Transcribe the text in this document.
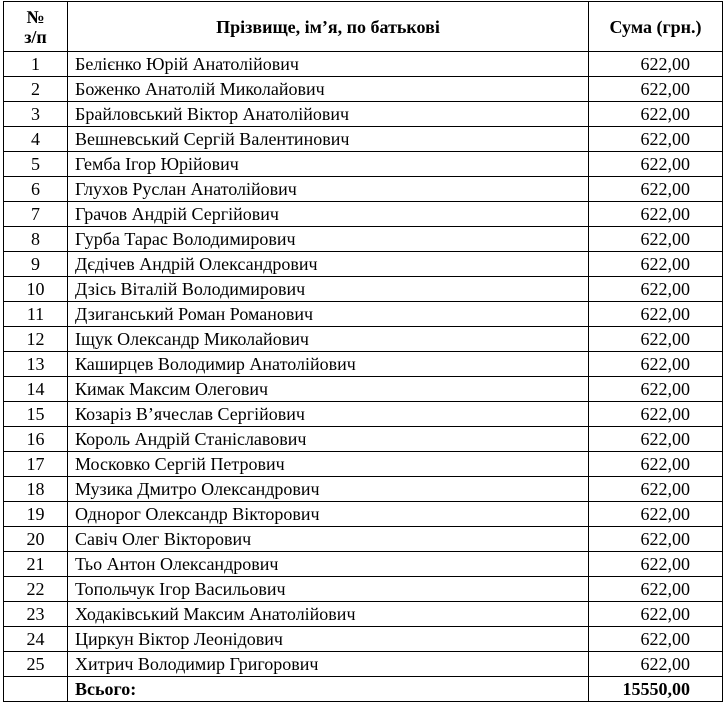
№
з/п	Прізвище, ім’я, по батькові	Сума (грн.)
1	Белієнко Юрій Анатолійович	622,00
2	Боженко Анатолій Миколайович	622,00
3	Брайловський Віктор Анатолійович	622,00
4	Вешневський Сергій Валентинович	622,00
5	Гемба Ігор Юрійович	622,00
6	Глухов Руслан Анатолійович	622,00
7	Грачов Андрій Сергійович	622,00
8	Гурба Тарас Володимирович	622,00
9	Дєдічев Андрій Олександрович	622,00
10	Дзісь Віталій Володимирович	622,00
11	Дзиганський Роман Романович	622,00
12	Іщук Олександр Миколайович	622,00
13	Каширцев Володимир Анатолійович	622,00
14	Кимак Максим Олегович	622,00
15	Козаріз В’ячеслав Сергійович	622,00
16	Король Андрій Станіславович	622,00
17	Московко Сергій Петрович	622,00
18	Музика Дмитро Олександрович	622,00
19	Однорог Олександр Вікторович	622,00
20	Савіч Олег Вікторович	622,00
21	Тьо Антон Олександрович	622,00
22	Топольчук Ігор Васильович	622,00
23	Ходаківський Максим Анатолійович	622,00
24	Циркун Віктор Леонідович	622,00
25	Хитрич Володимир Григорович	622,00
	Всього:	15550,00
